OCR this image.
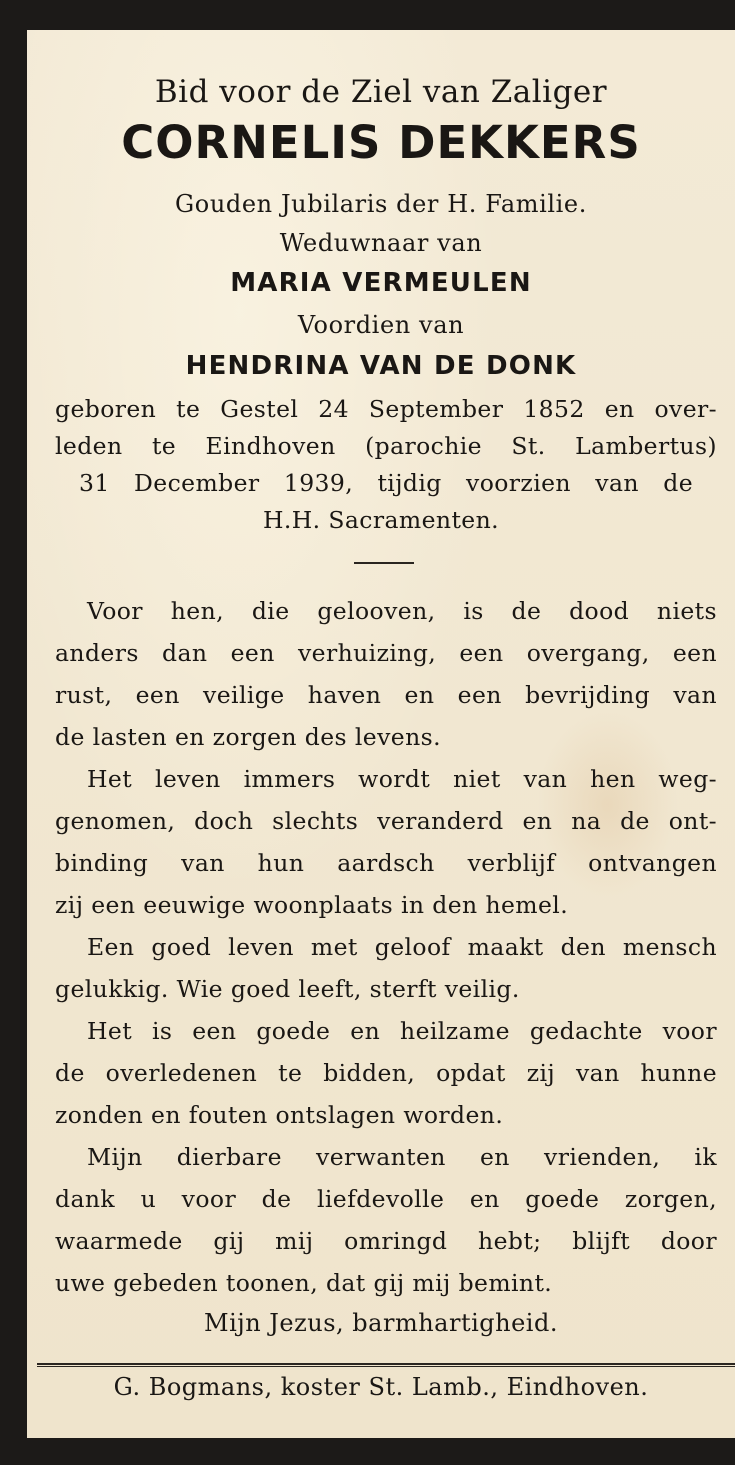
Bid voor de Ziel van Zaliger
CORNELIS DEKKERS
Gouden Jubilaris der H. Familie.
Weduwnaar van
MARIA VERMEULEN
Voordien van
HENDRINA VAN DE DONK
geboren te Gestel 24 September 1852 en over-
leden te Eindhoven (parochie St. Lambertus)
31 December 1939, tijdig voorzien van de
H.H. Sacramenten.
Voor hen, die gelooven, is de dood niets
anders dan een verhuizing, een overgang, een
rust, een veilige haven en een bevrijding van
de lasten en zorgen des levens.
Het leven immers wordt niet van hen weg-
genomen, doch slechts veranderd en na de ont-
binding van hun aardsch verblijf ontvangen
zij een eeuwige woonplaats in den hemel.
Een goed leven met geloof maakt den mensch
gelukkig. Wie goed leeft, sterft veilig.
Het is een goede en heilzame gedachte voor
de overledenen te bidden, opdat zij van hunne
zonden en fouten ontslagen worden.
Mijn dierbare verwanten en vrienden, ik
dank u voor de liefdevolle en goede zorgen,
waarmede gij mij omringd hebt; blijft door
uwe gebeden toonen, dat gij mij bemint.
Mijn Jezus, barmhartigheid.
G. Bogmans, koster St. Lamb., Eindhoven.
